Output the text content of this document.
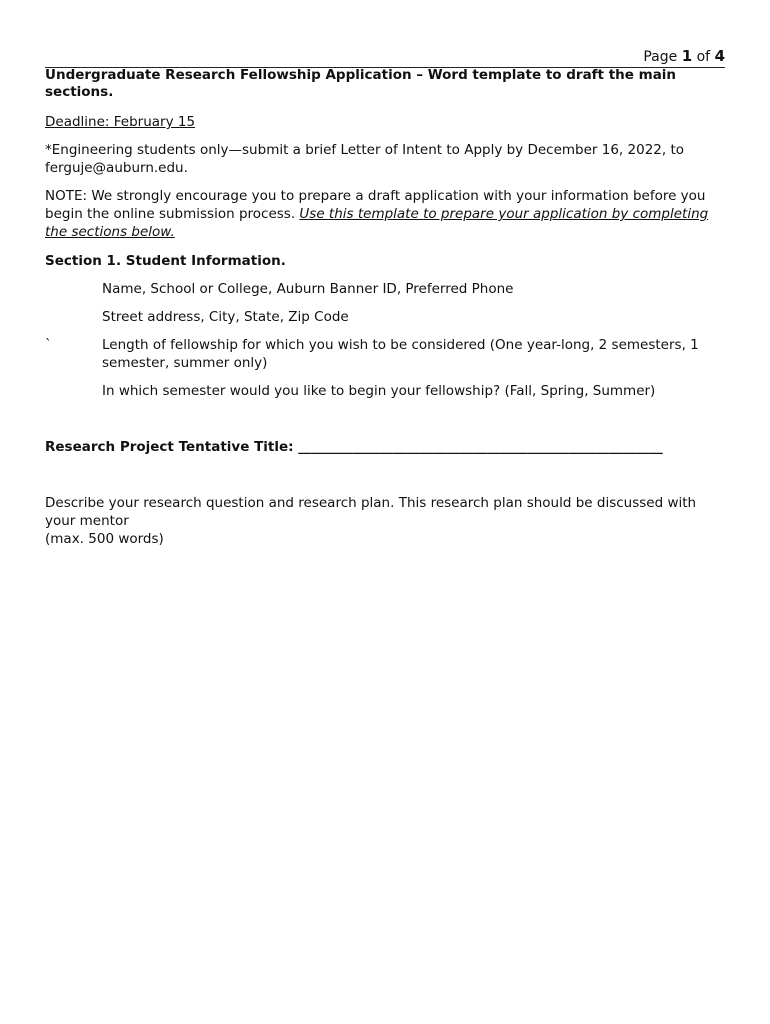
Page 1 of 4

Undergraduate Research Fellowship Application – Word template to draft the main sections.

Deadline: February 15

*Engineering students only—submit a brief Letter of Intent to Apply by December 16, 2022, to ferguje@auburn.edu.

NOTE: We strongly encourage you to prepare a draft application with your information before you begin the online submission process. Use this template to prepare your application by completing the sections below.

Section 1. Student Information.

Name, School or College, Auburn Banner ID, Preferred Phone
Street address, City, State, Zip Code
`	Length of fellowship for which you wish to be considered (One year-long, 2 semesters, 1 semester, summer only)
In which semester would you like to begin your fellowship? (Fall, Spring, Summer)

Research Project Tentative Title: ______________________________________________________

Describe your research question and research plan. This research plan should be discussed with your mentor

(max. 500 words)
